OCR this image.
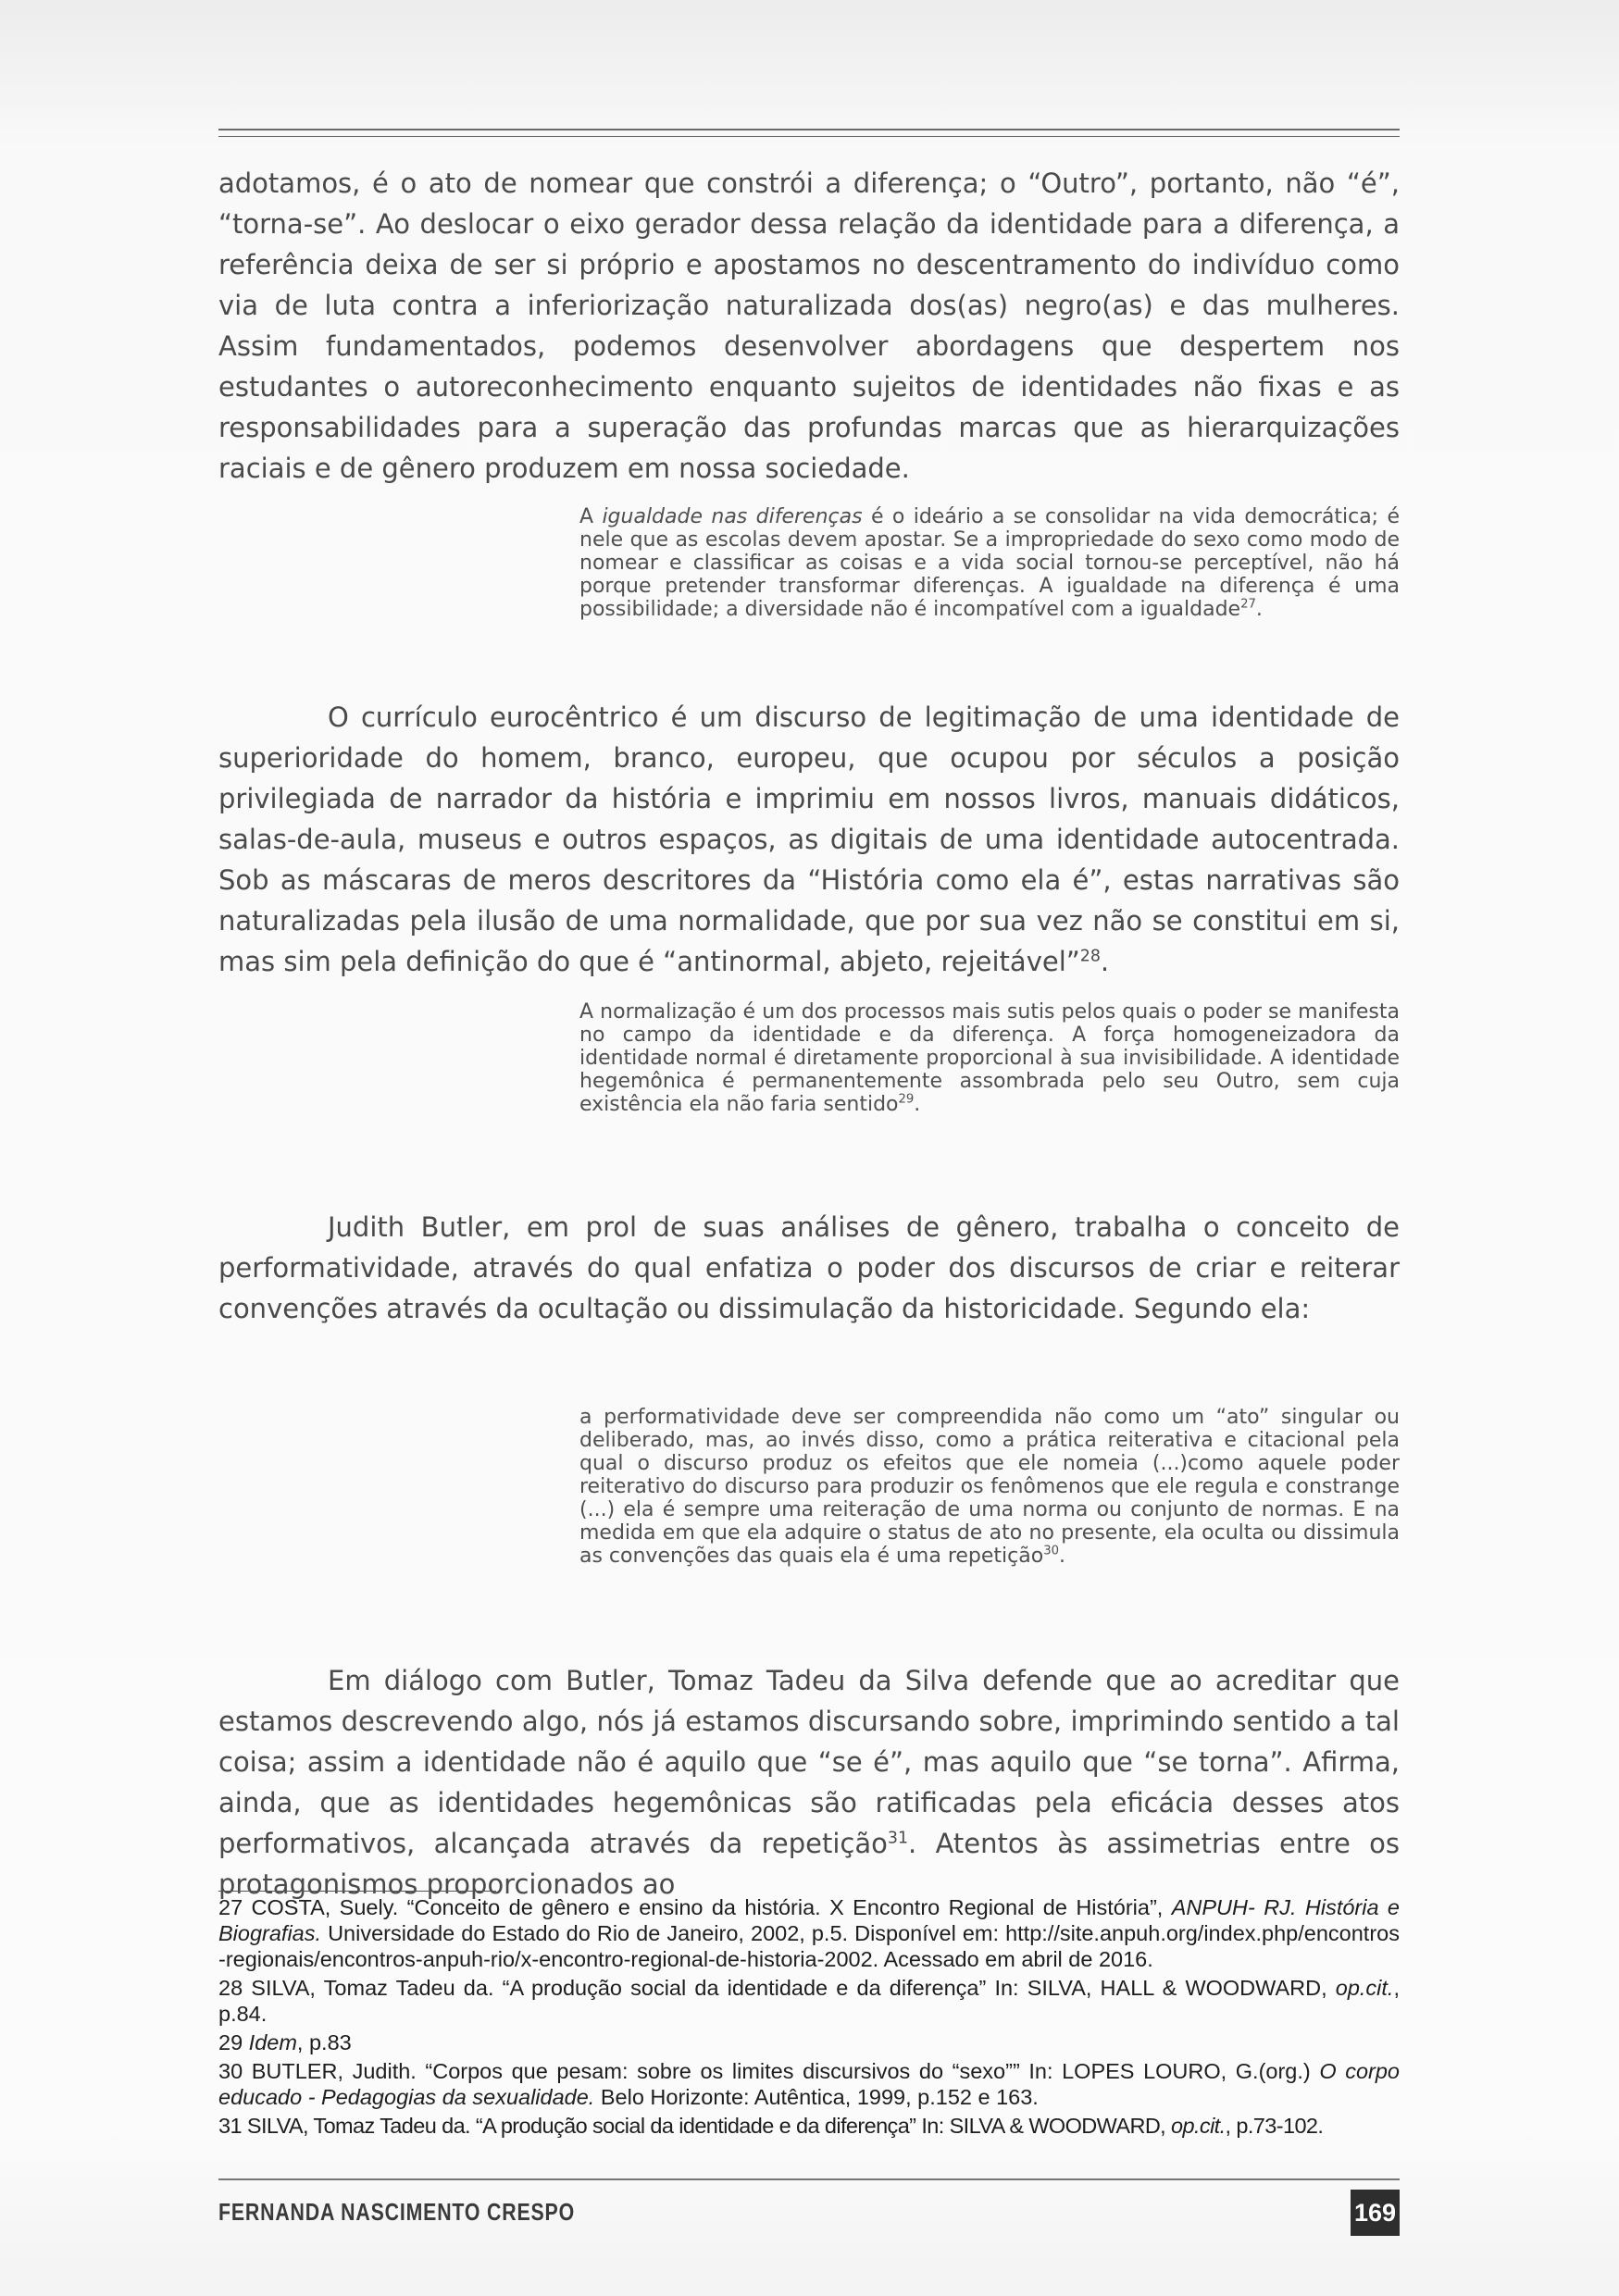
adotamos, é o ato de nomear que constrói a diferença; o “Outro”, portanto, não “é”, “torna-se”. Ao deslocar o eixo gerador dessa relação da identidade para a diferença, a referência deixa de ser si próprio e apostamos no descentramento do indivíduo como via de luta contra a inferiorização naturalizada dos(as) negro(as) e das mulheres. Assim fundamentados, podemos desenvolver abordagens que despertem nos estudantes o autoreconhecimento enquanto sujeitos de identidades não fixas e as responsabilidades para a superação das profundas marcas que as hierarquizações raciais e de gênero produzem em nossa sociedade.

A igualdade nas diferenças é o ideário a se consolidar na vida democrática; é nele que as escolas devem apostar. Se a impropriedade do sexo como modo de nomear e classificar as coisas e a vida social tornou-se perceptível, não há porque pretender transformar diferenças. A igualdade na diferença é uma possibilidade; a diversidade não é incompatível com a igualdade$^{27}$.

O currículo eurocêntrico é um discurso de legitimação de uma identidade de superioridade do homem, branco, europeu, que ocupou por séculos a posição privilegiada de narrador da história e imprimiu em nossos livros, manuais didáticos, salas-de-aula, museus e outros espaços, as digitais de uma identidade autocentrada. Sob as máscaras de meros descritores da “História como ela é”, estas narrativas são naturalizadas pela ilusão de uma normalidade, que por sua vez não se constitui em si, mas sim pela definição do que é “antinormal, abjeto, rejeitável”$^{28}$.

A normalização é um dos processos mais sutis pelos quais o poder se manifesta no campo da identidade e da diferença. A força homogeneizadora da identidade normal é diretamente proporcional à sua invisibilidade. A identidade hegemônica é permanentemente assombrada pelo seu Outro, sem cuja existência ela não faria sentido$^{29}$.

Judith Butler, em prol de suas análises de gênero, trabalha o conceito de performatividade, através do qual enfatiza o poder dos discursos de criar e reiterar convenções através da ocultação ou dissimulação da historicidade. Segundo ela:

a performatividade deve ser compreendida não como um “ato” singular ou deliberado, mas, ao invés disso, como a prática reiterativa e citacional pela qual o discurso produz os efeitos que ele nomeia (...)como aquele poder reiterativo do discurso para produzir os fenômenos que ele regula e constrange (...) ela é sempre uma reiteração de uma norma ou conjunto de normas. E na medida em que ela adquire o status de ato no presente, ela oculta ou dissimula as convenções das quais ela é uma repetição$^{30}$.

Em diálogo com Butler, Tomaz Tadeu da Silva defende que ao acreditar que estamos descrevendo algo, nós já estamos discursando sobre, imprimindo sentido a tal coisa; assim a identidade não é aquilo que “se é”, mas aquilo que “se torna”. Afirma, ainda, que as identidades hegemônicas são ratificadas pela eficácia desses atos performativos, alcançada através da repetição$^{31}$. Atentos às assimetrias entre os protagonismos proporcionados ao

27 COSTA, Suely. “Conceito de gênero e ensino da história. X Encontro Regional de História”, ANPUH- RJ. História e Biografias. Universidade do Estado do Rio de Janeiro, 2002, p.5. Disponível em: http://site.anpuh.org/index.php/encontros-regionais/encontros-anpuh-rio/x-encontro-regional-de-historia-2002. Acessado em abril de 2016.

28 SILVA, Tomaz Tadeu da. “A produção social da identidade e da diferença” In: SILVA, HALL & WOODWARD, op.cit., p.84.

29 Idem, p.83

30 BUTLER, Judith. “Corpos que pesam: sobre os limites discursivos do “sexo”” In: LOPES LOURO, G.(org.) O corpo educado - Pedagogias da sexualidade. Belo Horizonte: Autêntica, 1999, p.152 e 163.

31 SILVA, Tomaz Tadeu da. “A produção social da identidade e da diferença” In: SILVA & WOODWARD, op.cit., p.73-102.

FERNANDA NASCIMENTO CRESPO	169
